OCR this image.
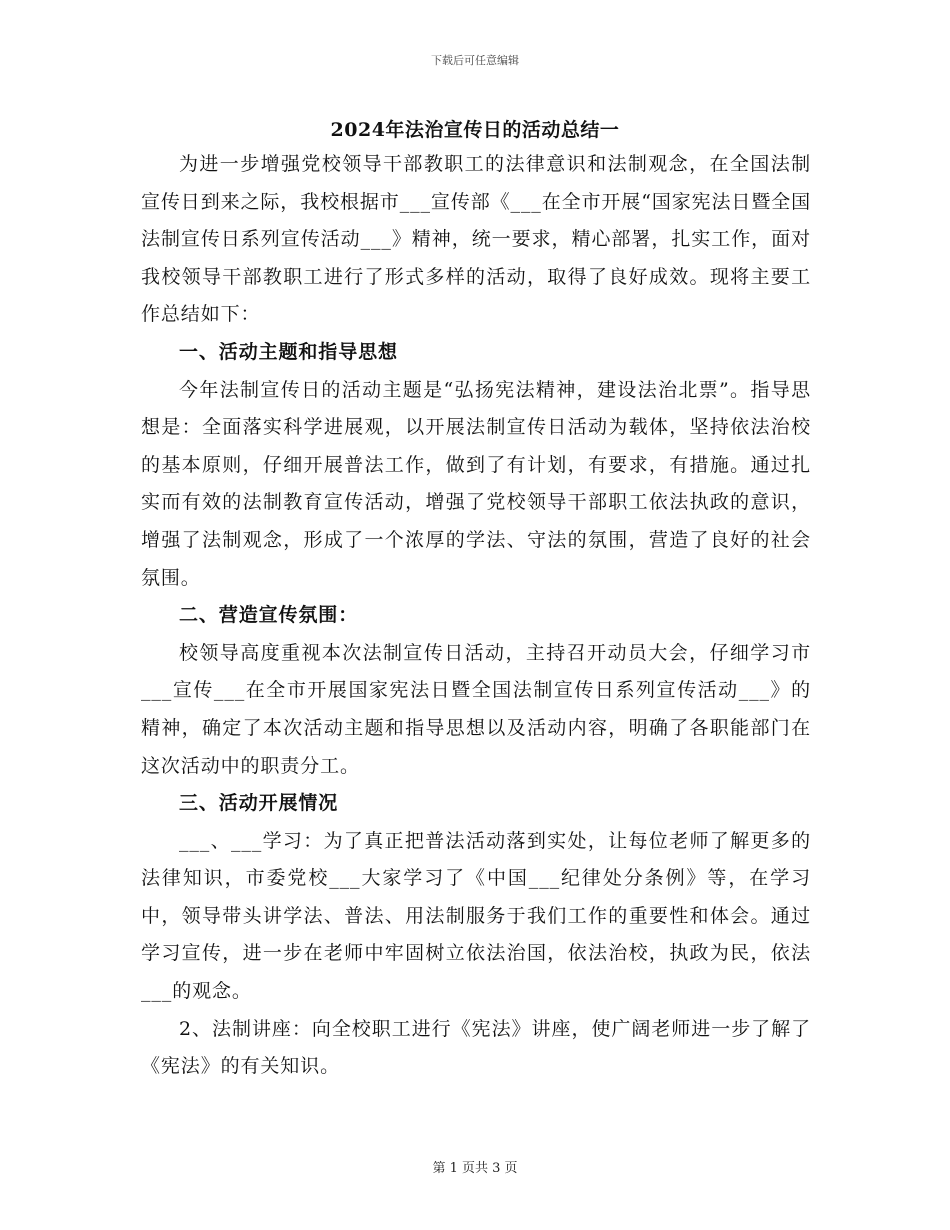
下载后可任意编辑
2024年法治宣传日的活动总结一

为进一步增强党校领导干部教职工的法律意识和法制观念，在全国法制宣传日到来之际，我校根据市___宣传部《___在全市开展“国家宪法日暨全国法制宣传日系列宣传活动___》精神，统一要求，精心部署，扎实工作，面对我校领导干部教职工进行了形式多样的活动，取得了良好成效。现将主要工作总结如下：

一、活动主题和指导思想

今年法制宣传日的活动主题是“弘扬宪法精神，建设法治北票”。指导思想是：全面落实科学进展观，以开展法制宣传日活动为载体，坚持依法治校的基本原则，仔细开展普法工作，做到了有计划，有要求，有措施。通过扎实而有效的法制教育宣传活动，增强了党校领导干部职工依法执政的意识，增强了法制观念，形成了一个浓厚的学法、守法的氛围，营造了良好的社会氛围。

二、营造宣传氛围：

校领导高度重视本次法制宣传日活动，主持召开动员大会，仔细学习市___宣传___在全市开展国家宪法日暨全国法制宣传日系列宣传活动___》的精神，确定了本次活动主题和指导思想以及活动内容，明确了各职能部门在这次活动中的职责分工。

三、活动开展情况

___、___学习：为了真正把普法活动落到实处，让每位老师了解更多的法律知识，市委党校___大家学习了《中国___纪律处分条例》等，在学习中，领导带头讲学法、普法、用法制服务于我们工作的重要性和体会。通过学习宣传，进一步在老师中牢固树立依法治国，依法治校，执政为民，依法___的观念。

2、法制讲座：向全校职工进行《宪法》讲座，使广阔老师进一步了解了《宪法》的有关知识。

第 1 页共 3 页
